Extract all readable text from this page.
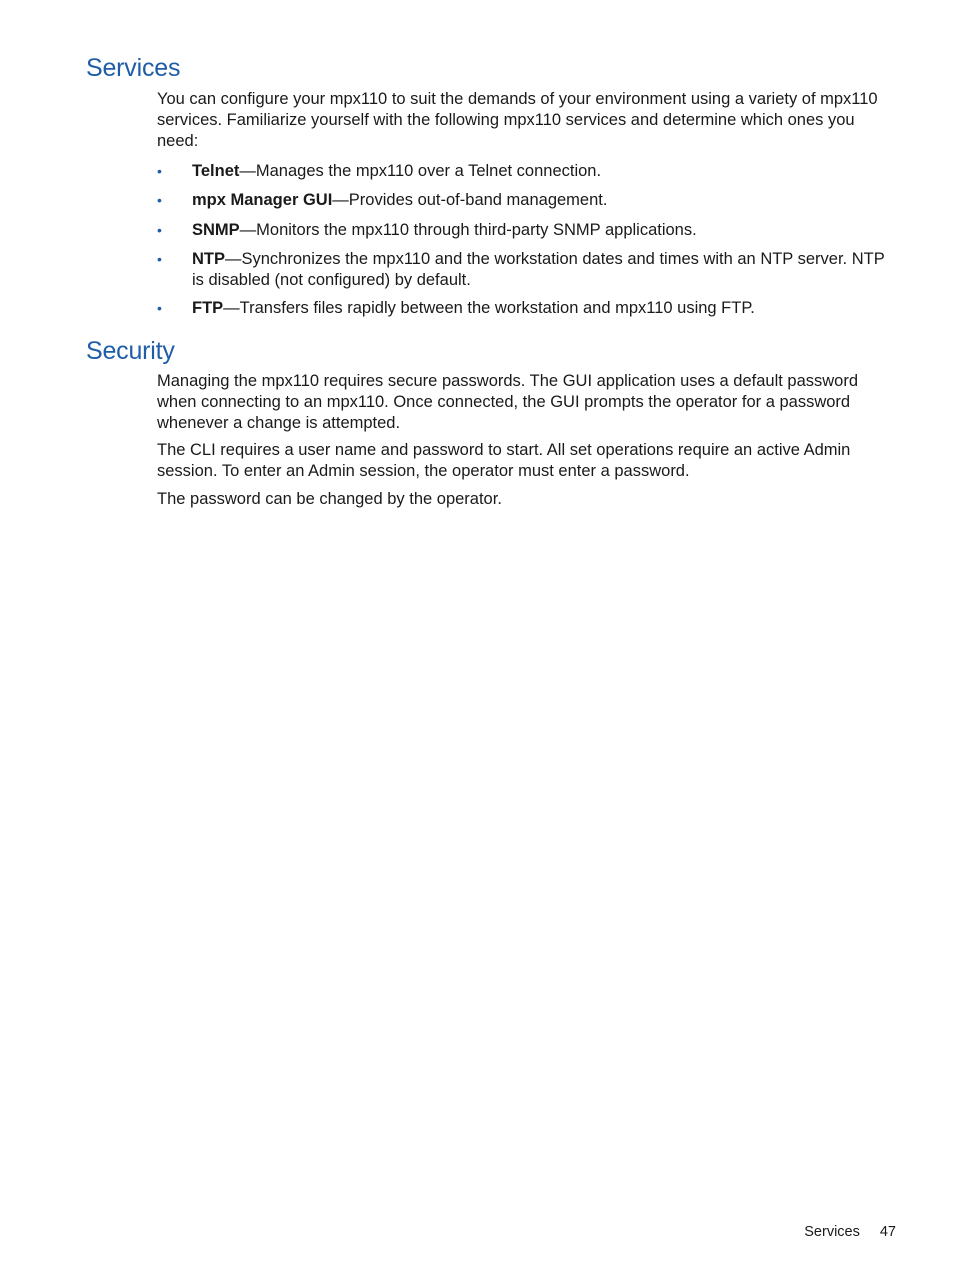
Services

You can configure your mpx110 to suit the demands of your environment using a variety of mpx110 services. Familiarize yourself with the following mpx110 services and determine which ones you need:

•	Telnet—Manages the mpx110 over a Telnet connection.
•	mpx Manager GUI—Provides out-of-band management.
•	SNMP—Monitors the mpx110 through third-party SNMP applications.
•	NTP—Synchronizes the mpx110 and the workstation dates and times with an NTP server. NTP is disabled (not configured) by default.
•	FTP—Transfers files rapidly between the workstation and mpx110 using FTP.
Security

Managing the mpx110 requires secure passwords. The GUI application uses a default password when connecting to an mpx110. Once connected, the GUI prompts the operator for a password whenever a change is attempted.

The CLI requires a user name and password to start. All set operations require an active Admin session. To enter an Admin session, the operator must enter a password.

The password can be changed by the operator.

Services 47
